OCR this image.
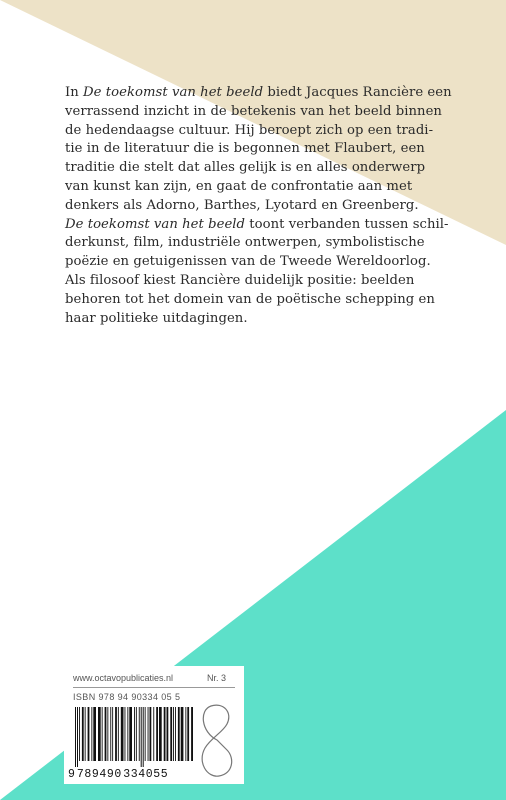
In De toekomst van het beeld biedt Jacques Rancière een
verrassend inzicht in de betekenis van het beeld binnen
de hedendaagse cultuur. Hij beroept zich op een tradi-
tie in de literatuur die is begonnen met Flaubert, een
traditie die stelt dat alles gelijk is en alles onderwerp
van kunst kan zijn, en gaat de confrontatie aan met
denkers als Adorno, Barthes, Lyotard en Greenberg.
De toekomst van het beeld toont verbanden tussen schil-
derkunst, film, industriële ontwerpen, symbolistische
poëzie en getuigenissen van de Tweede Wereldoorlog.
Als filosoof kiest Rancière duidelijk positie: beelden
behoren tot het domein van de poëtische schepping en
haar politieke uitdagingen.
www.octavopublicaties.nl	Nr. 3
ISBN 978 94 90334 05 5
9 789490 334055
